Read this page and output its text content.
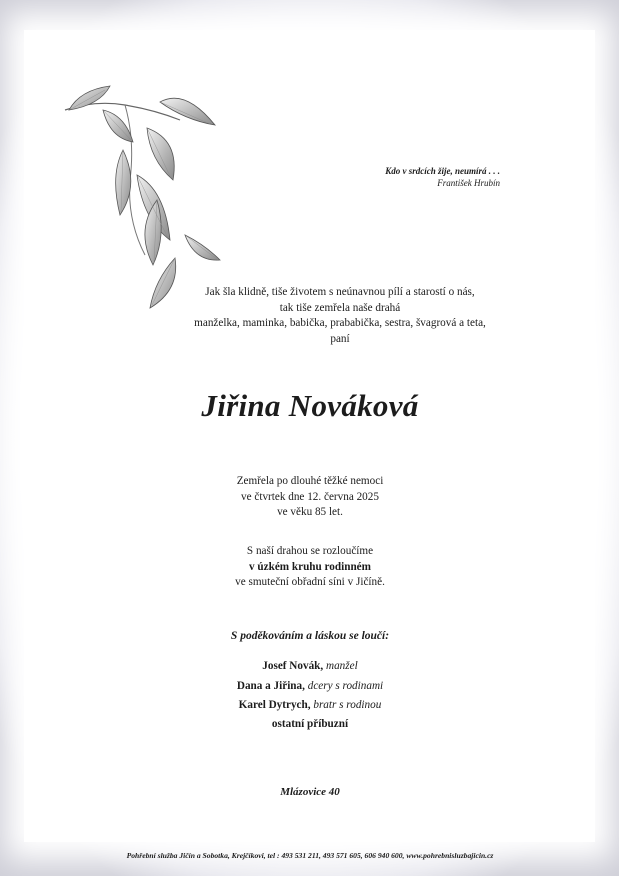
Kdo v srdcích žije, neumírá . . .
František Hrubín
Jak šla klidně, tiše životem s neúnavnou pílí a starostí o nás,
tak tiše zemřela naše drahá
manželka, maminka, babička, prababička, sestra, švagrová a teta,
paní
Jiřina Nováková
Zemřela po dlouhé těžké nemoci
ve čtvrtek dne 12. června 2025
ve věku 85 let.
S naší drahou se rozloučíme
v úzkém kruhu rodinném
ve smuteční obřadní síni v Jičíně.
S poděkováním a láskou se loučí:
Josef Novák, manžel
Dana a Jiřina, dcery s rodinami
Karel Dytrych, bratr s rodinou
ostatní příbuzní
Mlázovice 40
Pohřební služba Jičín a Sobotka, Krejčíkovi, tel : 493 531 211, 493 571 605, 606 940 600, www.pohrebnisluzbajicin.cz
